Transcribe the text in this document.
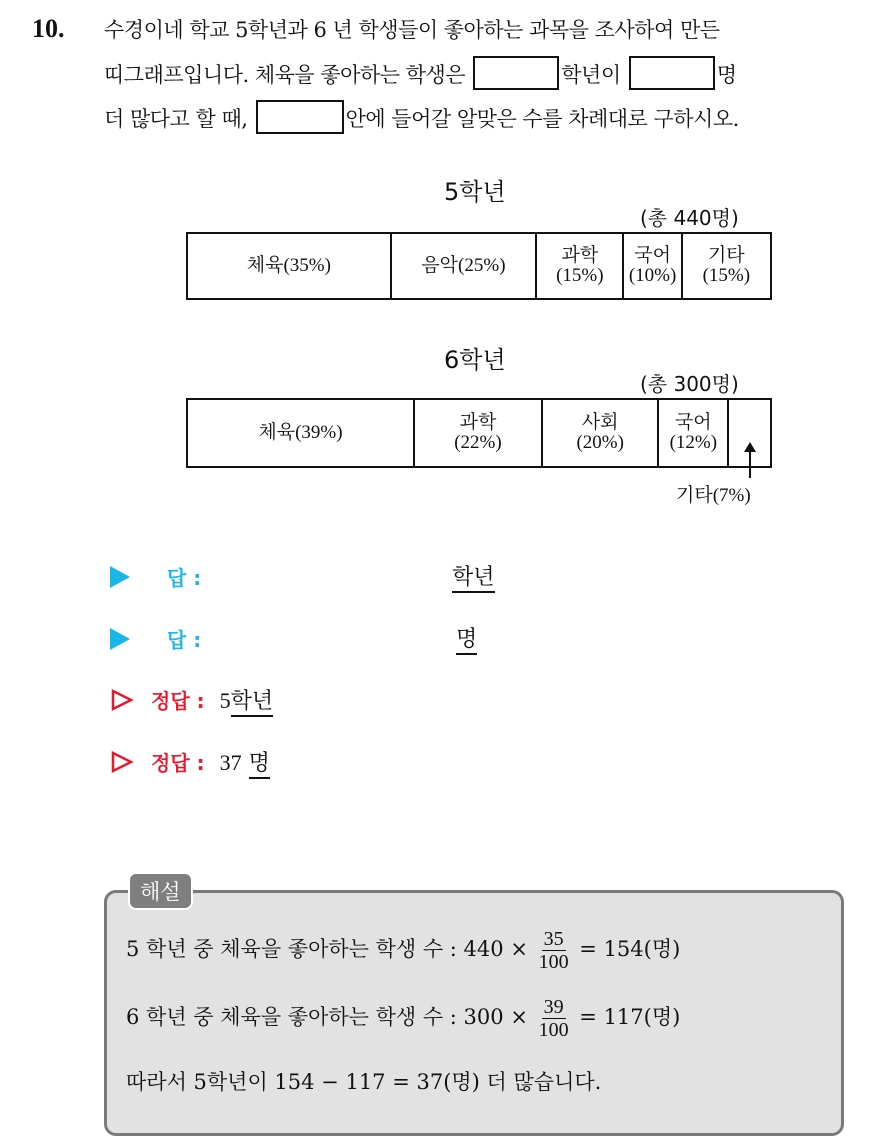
10. 수경이네 학교 5학년과 6 년 학생들이 좋아하는 과목을 조사하여 만든
띠그래프입니다. 체육을 좋아하는 학생은	학년이	명
더 많다고 할 때,	안에 들어갈 알맞은 수를 차례대로 구하시오.
5학년
(총 440명)
체육(35%)	음악(25%)	과학
(15%)
국어
(10%)
기타
(15%)
6학년
(총 300명)
체육(39%)	과학
(22%)
사회
(20%)
국어
(12%)
기타(7%)
답 :	학년
답 :	명
정답 : 5학년
정답 : 37 명
해설
5 학년 중 체육을 좋아하는 학생 수 : $440 \times \frac{35}{100} = 154$(명)
6 학년 중 체육을 좋아하는 학생 수 : $300 \times \frac{39}{100} = 117$(명)
따라서 5학년이 154 − 117 = 37(명) 더 많습니다.
